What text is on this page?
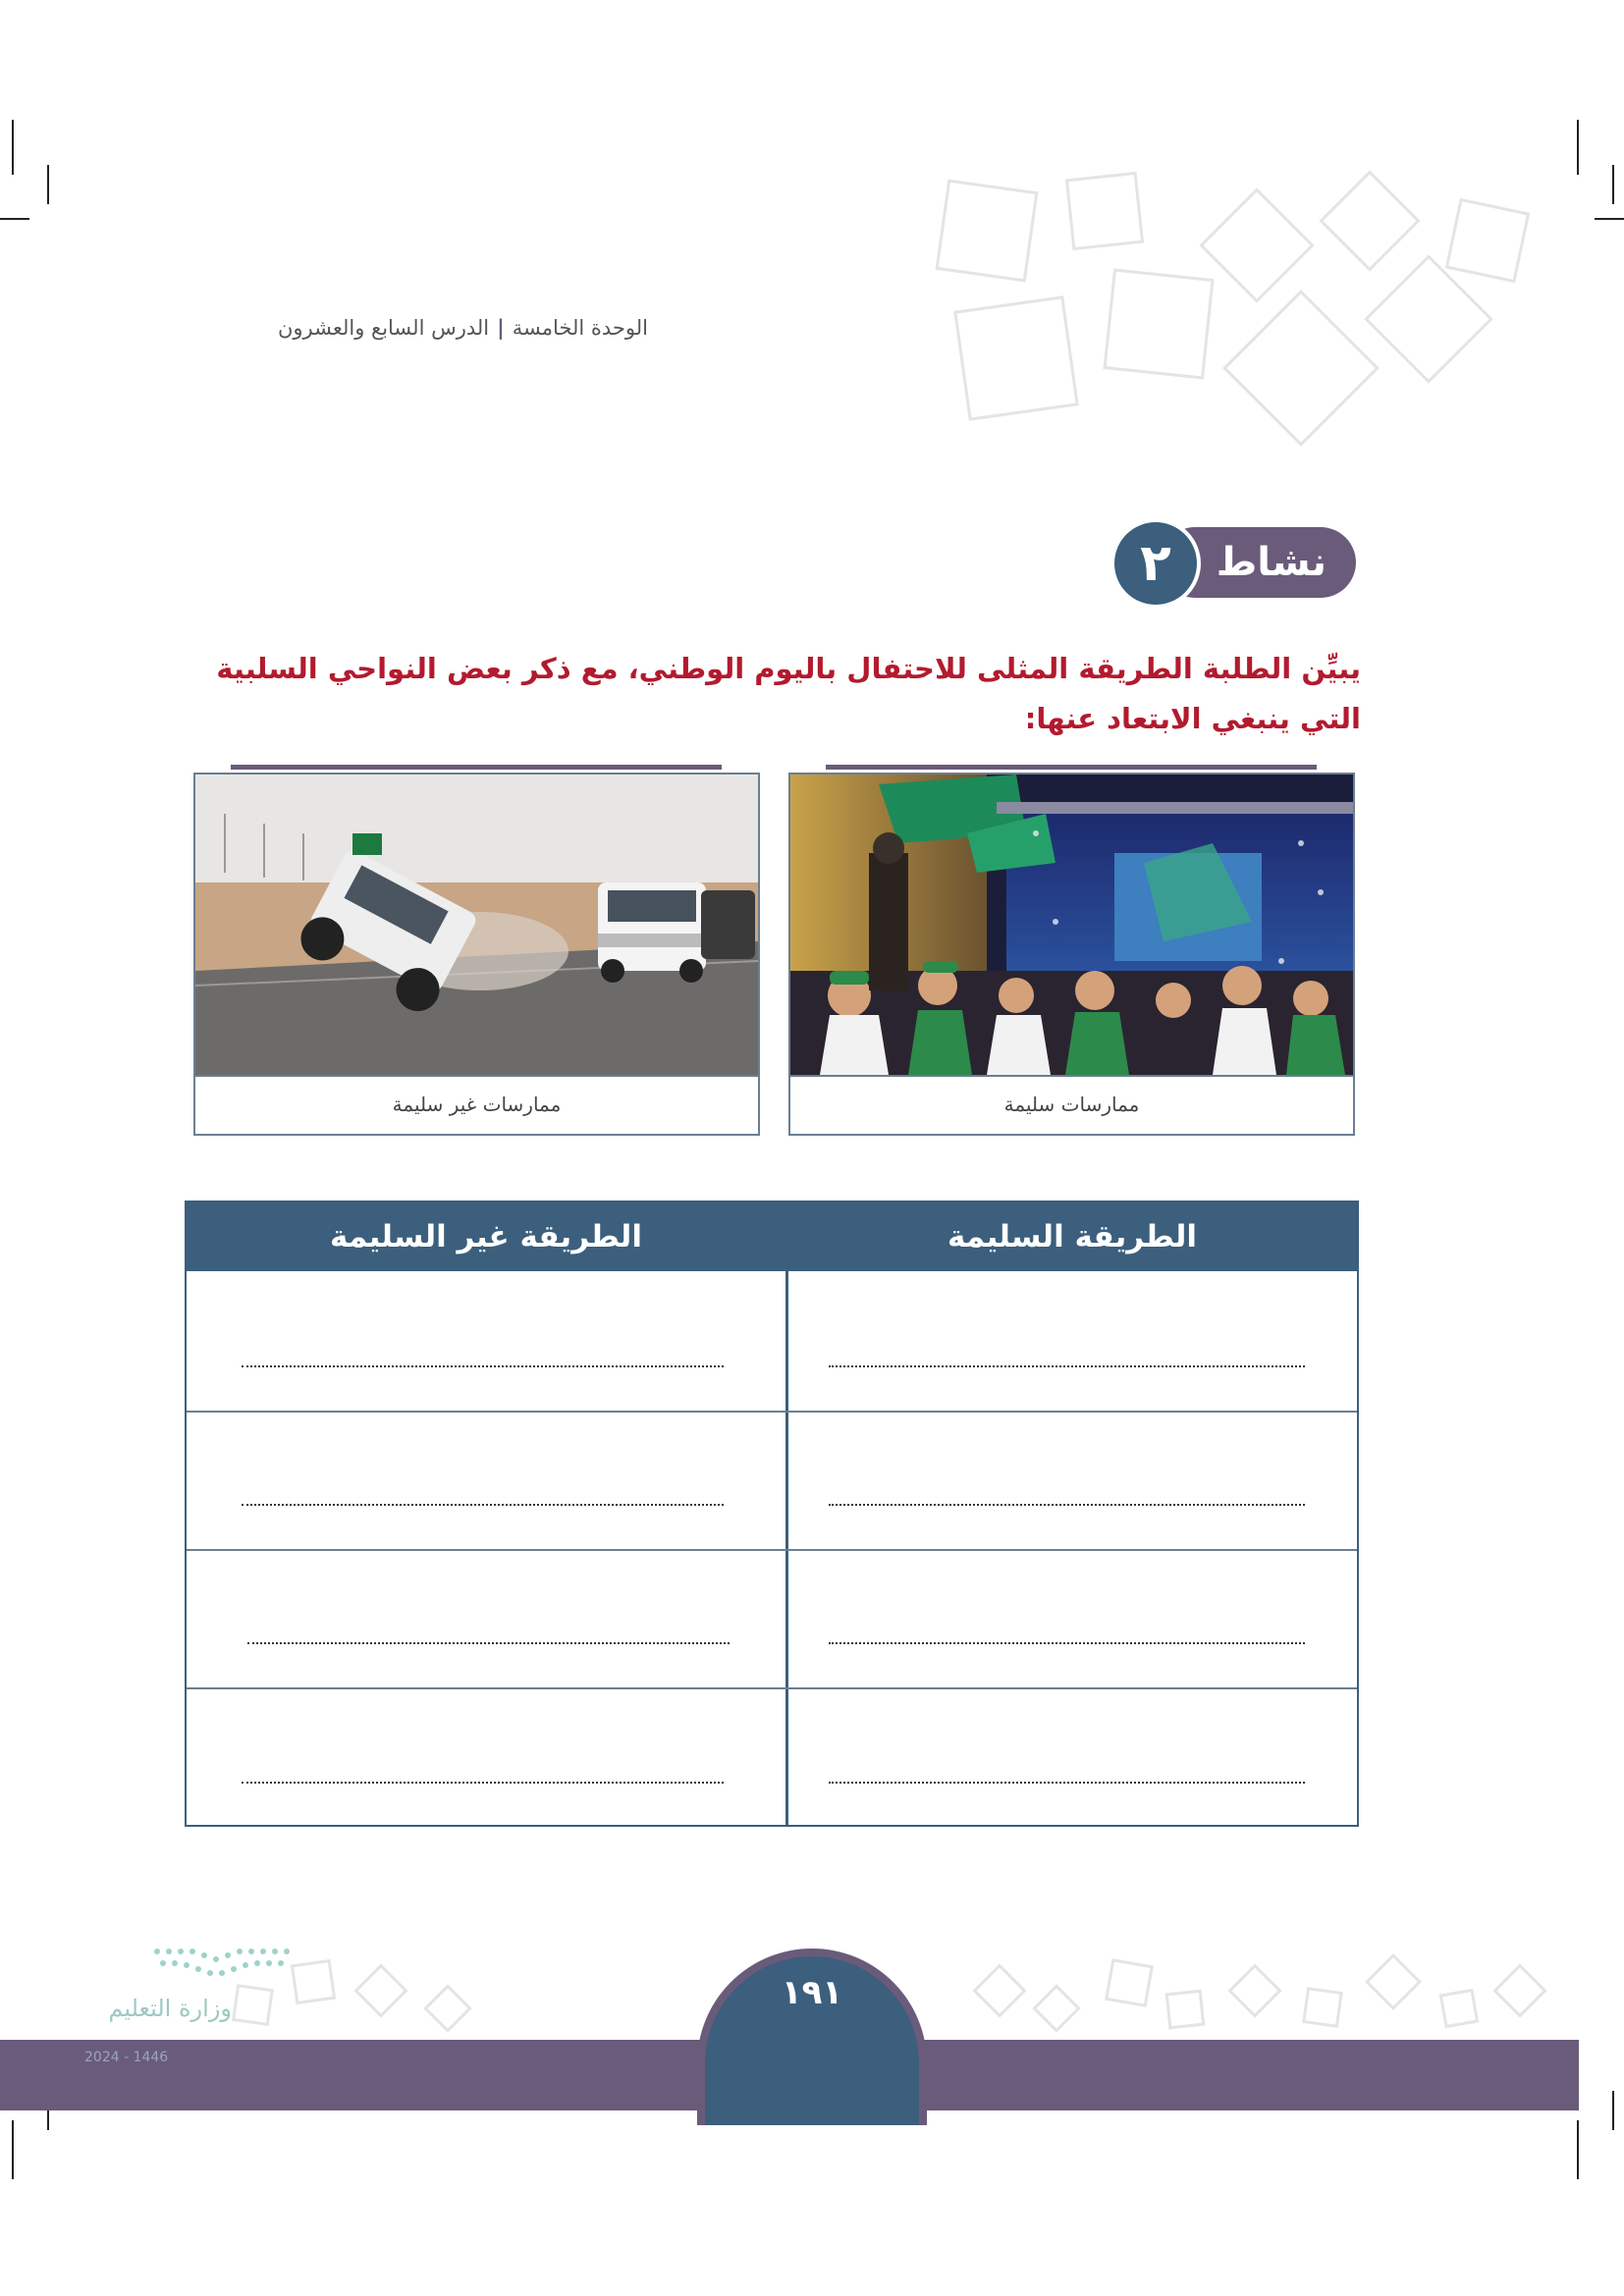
الوحدة الخامسة|الدرس السابع والعشرون
نشاط
٢
يبيِّن الطلبة الطريقة المثلى للاحتفال باليوم الوطني، مع ذكر بعض النواحي السلبية التي ينبغي الابتعاد عنها:
ممارسات سليمة
ممارسات غير سليمة
الطريقة السليمة
الطريقة غير السليمة
وزارة التعليم
2024 - 1446
١٩١
